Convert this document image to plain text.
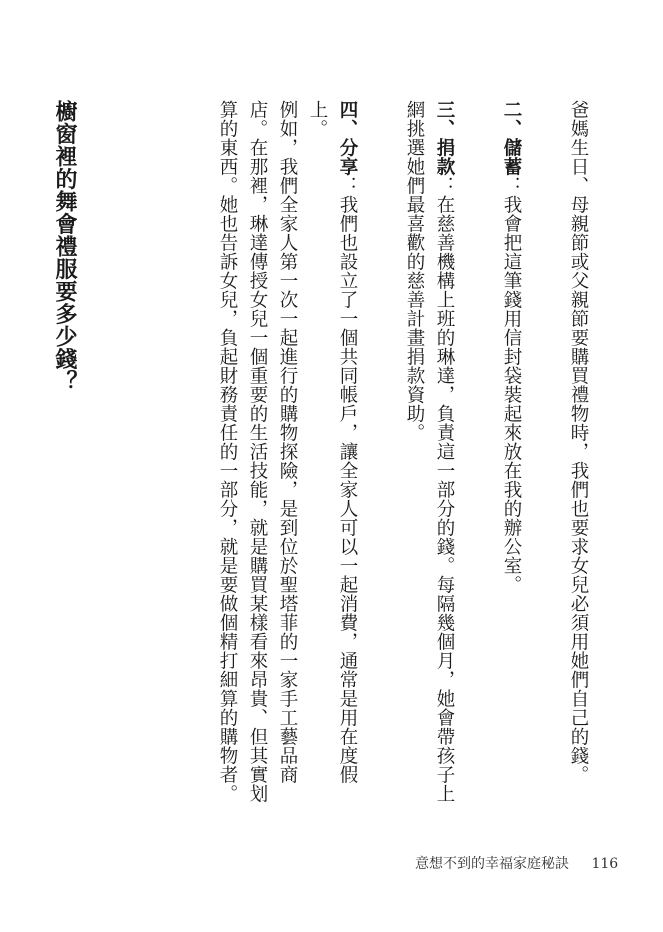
爸媽生日、母親節或父親節要購買禮物時，我們也要求女兒必須用她們自己的錢。

二、儲蓄：我會把這筆錢用信封袋裝起來放在我的辦公室。

三、捐款：在慈善機構上班的琳達，負責這一部分的錢。每隔幾個月，她會帶孩子上網挑選她們最喜歡的慈善計畫捐款資助。

四、分享：我們也設立了一個共同帳戶，讓全家人可以一起消費，通常是用在度假上。

例如，我們全家人第一次一起進行的購物探險，是到位於聖塔菲的一家手工藝品商店。在那裡，琳達傳授女兒一個重要的生活技能，就是購買某樣看來昂貴、但其實划算的東西。她也告訴女兒，負起財務責任的一部分，就是要做個精打細算的購物者。

櫥窗裡的舞會禮服要多少錢？

意想不到的幸福家庭秘訣 116
